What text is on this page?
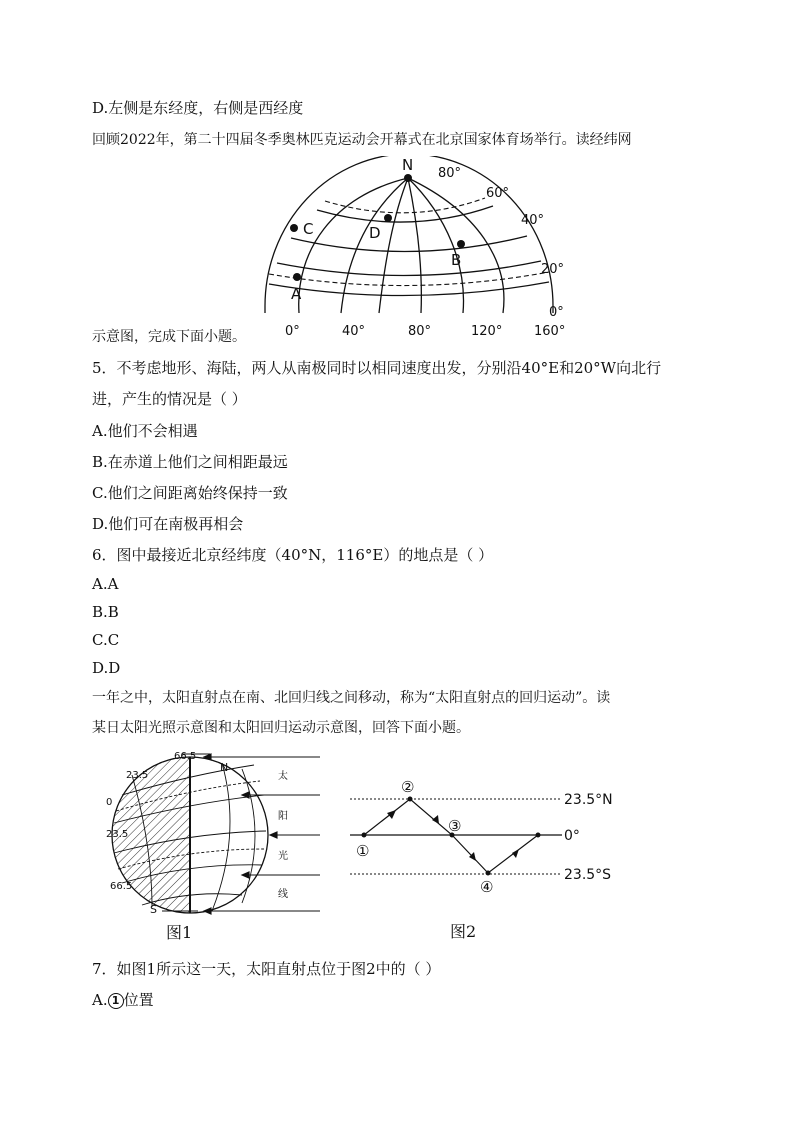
D.左侧是东经度，右侧是西经度
回顾2022年，第二十四届冬季奥林匹克运动会开幕式在北京国家体育场举行。读经纬网
N
C	D
B
A
80°
60°
40°
20°
0°
0°	40°	80°	120° 160°
示意图，完成下面小题。
5．不考虑地形、海陆，两人从南极同时以相同速度出发，分别沿40°E和20°W向北行
进，产生的情况是（ ）
A.他们不会相遇
B.在赤道上他们之间相距最远
C.他们之间距离始终保持一致
D.他们可在南极再相会
6．图中最接近北京经纬度（40°N，116°E）的地点是（ ）
A.A
B.B
C.C
D.D
一年之中，太阳直射点在南、北回归线之间移动，称为“太阳直射点的回归运动”。读
某日太阳光照示意图和太阳回归运动示意图，回答下面小题。
66.5
23.5
0
23.5
66.5
N
S
太
阳
光
线
图1
23.5°N
0°
23.5°S
①
②
③
④
图2
7．如图1所示这一天，太阳直射点位于图2中的（ ）
A. 1 位置
